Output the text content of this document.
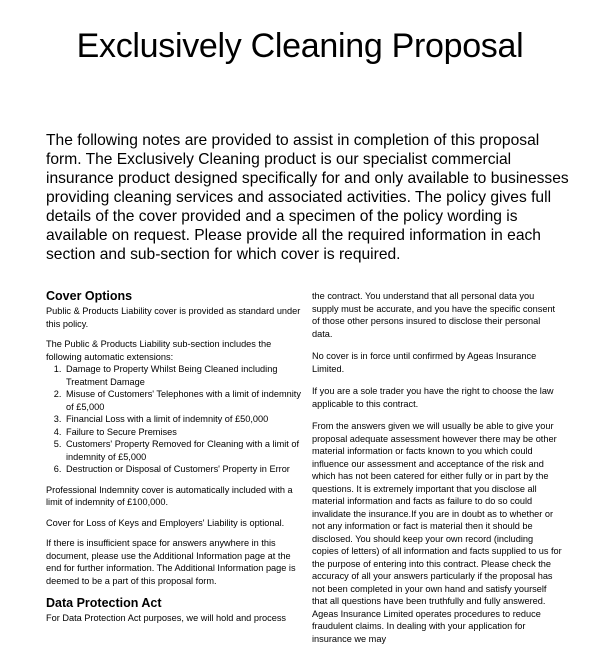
Exclusively Cleaning Proposal

The following notes are provided to assist in completion of this proposal form. The Exclusively Cleaning product is our specialist commercial insurance product designed specifically for and only available to businesses providing cleaning services and associated activities. The policy gives full details of the cover provided and a specimen of the policy wording is available on request. Please provide all the required information in each section and sub-section for which cover is required.

Cover Options

Public & Products Liability cover is provided as standard under this policy.

The Public & Products Liability sub-section includes the following automatic extensions:

1. Damage to Property Whilst Being Cleaned including Treatment Damage
2. Misuse of Customers' Telephones with a limit of indemnity of £5,000
3. Financial Loss with a limit of indemnity of £50,000
4. Failure to Secure Premises
5. Customers' Property Removed for Cleaning with a limit of indemnity of £5,000
6. Destruction or Disposal of Customers' Property in Error

Professional Indemnity cover is automatically included with a limit of indemnity of £100,000.

Cover for Loss of Keys and Employers' Liability is optional.

If there is insufficient space for answers anywhere in this document, please use the Additional Information page at the end for further information. The Additional Information page is deemed to be a part of this proposal form.

Data Protection Act

For Data Protection Act purposes, we will hold and process

the contract. You understand that all personal data you supply must be accurate, and you have the specific consent of those other persons insured to disclose their personal data.

No cover is in force until confirmed by Ageas Insurance Limited.

If you are a sole trader you have the right to choose the law applicable to this contract.

From the answers given we will usually be able to give your proposal adequate assessment however there may be other material information or facts known to you which could influence our assessment and acceptance of the risk and which has not been catered for either fully or in part by the questions. It is extremely important that you disclose all material information and facts as failure to do so could invalidate the insurance.If you are in doubt as to whether or not any information or fact is material then it should be disclosed. You should keep your own record (including copies of letters) of all information and facts supplied to us for the purpose of entering into this contract. Please check the accuracy of all your answers particularly if the proposal has not been completed in your own hand and satisfy yourself that all questions have been truthfully and fully answered. Ageas Insurance Limited operates procedures to reduce fraudulent claims. In dealing with your application for insurance we may
